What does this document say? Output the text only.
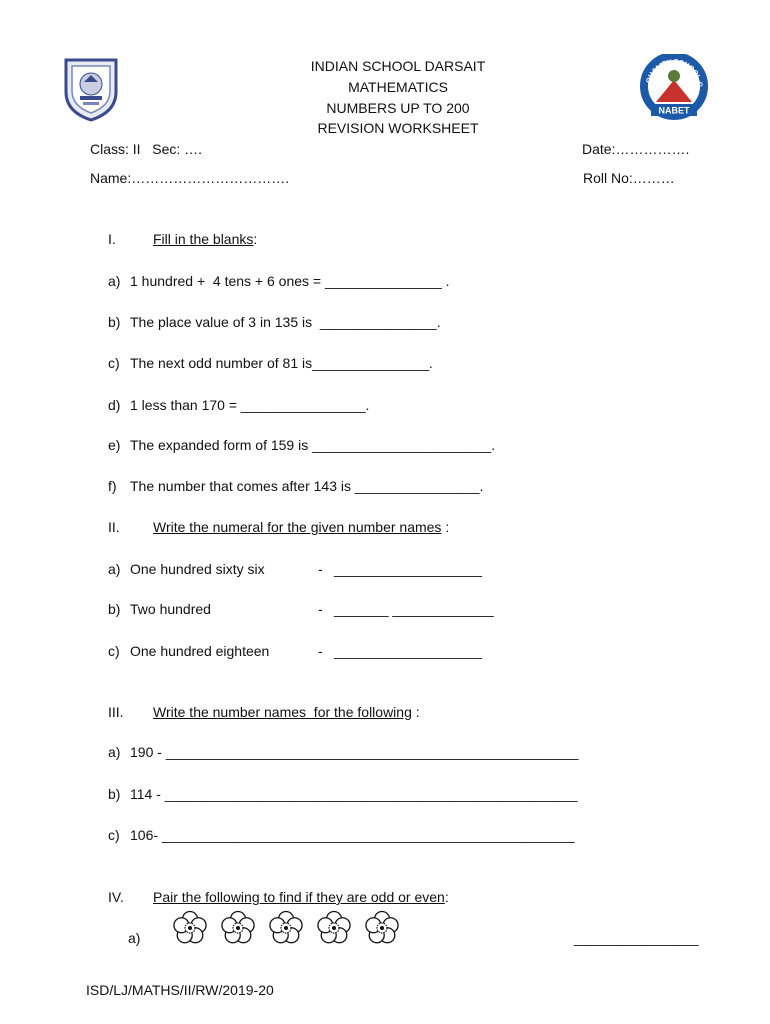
INDIAN SCHOOL DARSAIT
MATHEMATICS
NUMBERS UP TO 200
REVISION WORKSHEET
QUALITY SCHOOL G
NABET
Class: II   Sec: ….	Date:…………….
Name:…………………………….	Roll No:………
I.	Fill in the blanks:
a) 1 hundred +  4 tens + 6 ones = _______________ .
b) The place value of 3 in 135 is  _______________.
c) The next odd number of 81 is_______________.
d) 1 less than 170 = ________________.
e) The expanded form of 159 is _______________________.
f) The number that comes after 143 is ________________.
II. Write the numeral for the given number names :
a) One hundred sixty six	- ___________________
b) Two hundred	- _______ _____________
c) One hundred eighteen	- ___________________
III. Write the number names  for the following :
a) 190 - _____________________________________________________
b) 114 - _____________________________________________________
c) 106- _____________________________________________________
IV. Pair the following to find if they are odd or even:
a)	________________
ISD/LJ/MATHS/II/RW/2019-20
